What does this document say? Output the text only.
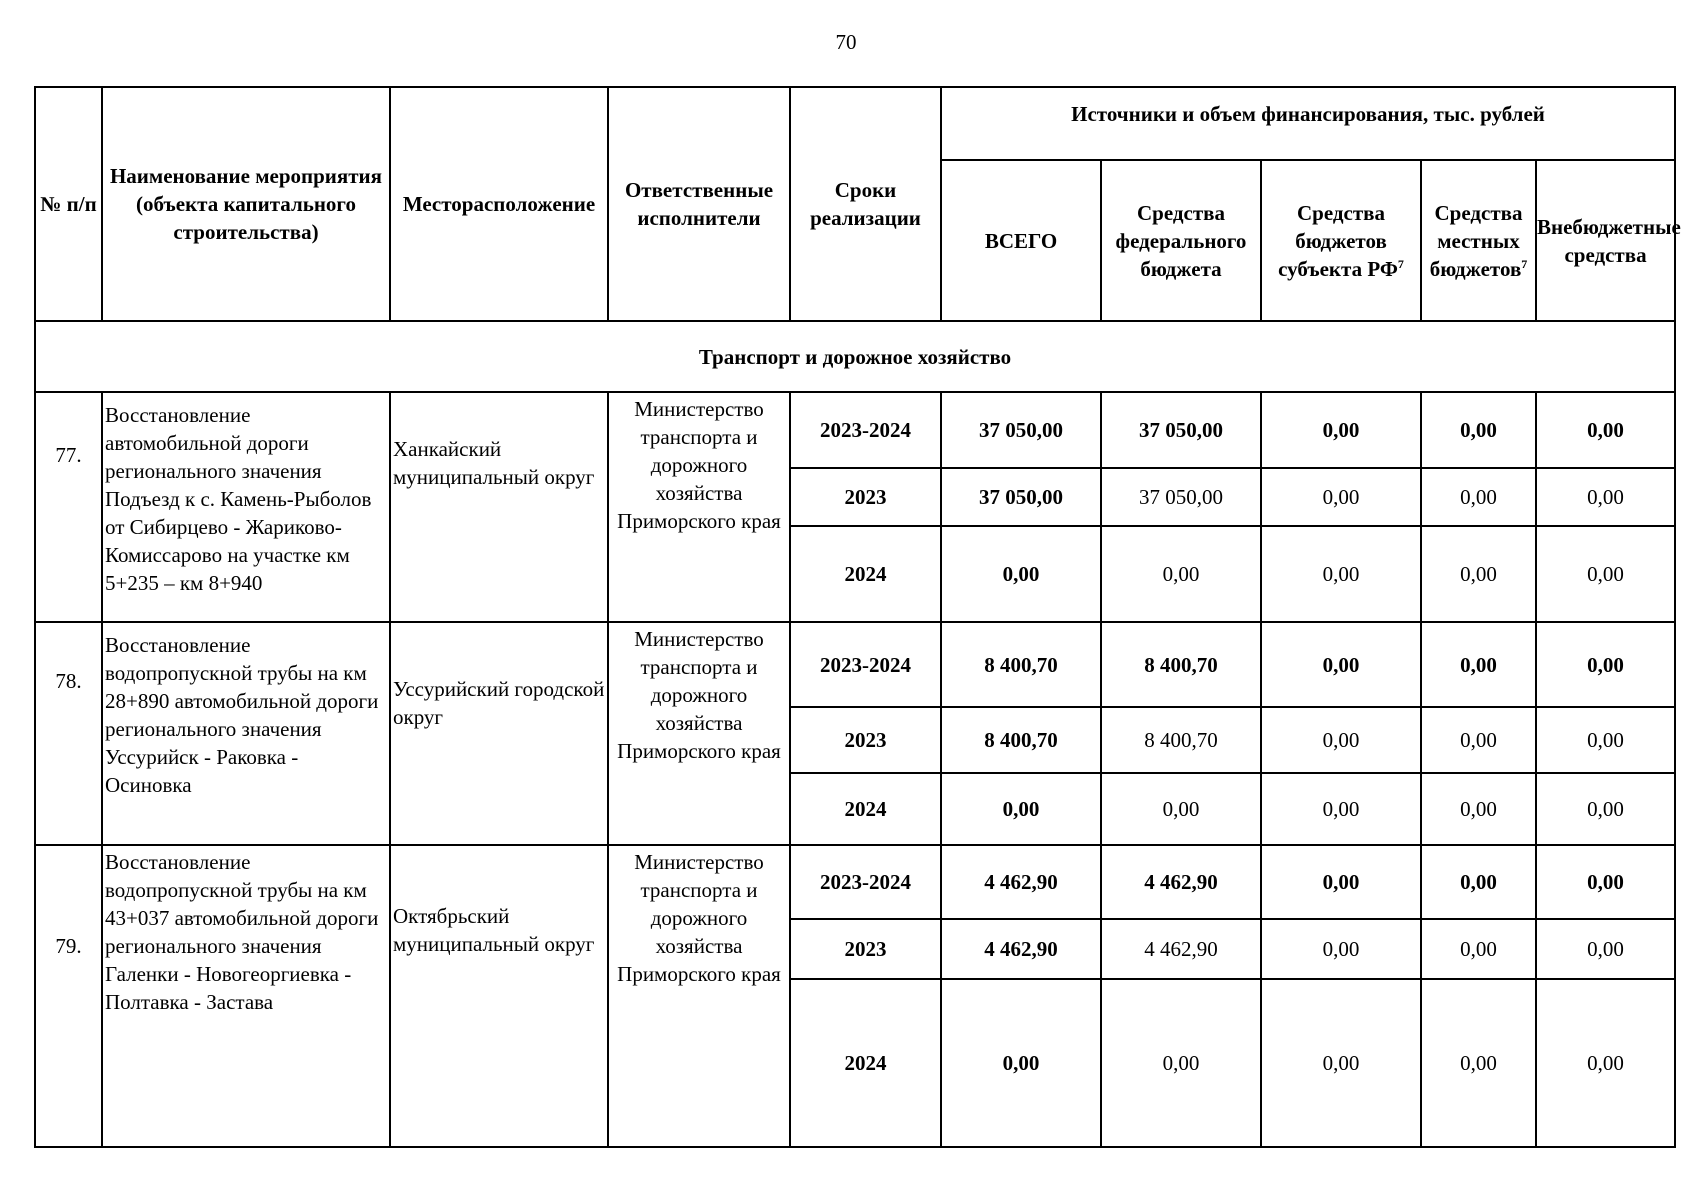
70
№ п/п	Наименование мероприятия (объекта капитального строительства)	Месторасположение	Ответственные исполнители	Сроки реализации	Источники и объем финансирования, тыс. рублей				
					ВСЕГО	Средства федерального бюджета	Средства бюджетов субъекта $РФ^7$	Средства местных бюджетов$^7$	Внебюджетные средства
Транспорт и дорожное хозяйство									
77.	Восстановление автомобильной дороги регионального значения Подъезд к с. Камень-Рыболов от Сибирцево - Жариково-Комиссарово на участке км 5+235 – км 8+940	Ханкайский муниципальный округ	Министерство транспорта и дорожного хозяйства Приморского края	2023-2024	37 050,00	37 050,00	0,00	0,00	0,00
				2023	37 050,00	37 050,00	0,00	0,00	0,00
				2024	0,00	0,00	0,00	0,00	0,00
78.	Восстановление водопропускной трубы на км 28+890 автомобильной дороги регионального значения Уссурийск - Раковка - Осиновка	Уссурийский городской округ	Министерство транспорта и дорожного хозяйства Приморского края	2023-2024	8 400,70	8 400,70	0,00	0,00	0,00
				2023	8 400,70	8 400,70	0,00	0,00	0,00
				2024	0,00	0,00	0,00	0,00	0,00
79.	Восстановление водопропускной трубы на км 43+037 автомобильной дороги регионального значения Галенки - Новогеоргиевка - Полтавка - Застава	Октябрьский муниципальный округ	Министерство транспорта и дорожного хозяйства Приморского края	2023-2024	4 462,90	4 462,90	0,00	0,00	0,00
				2023	4 462,90	4 462,90	0,00	0,00	0,00
				2024	0,00	0,00	0,00	0,00	0,00
